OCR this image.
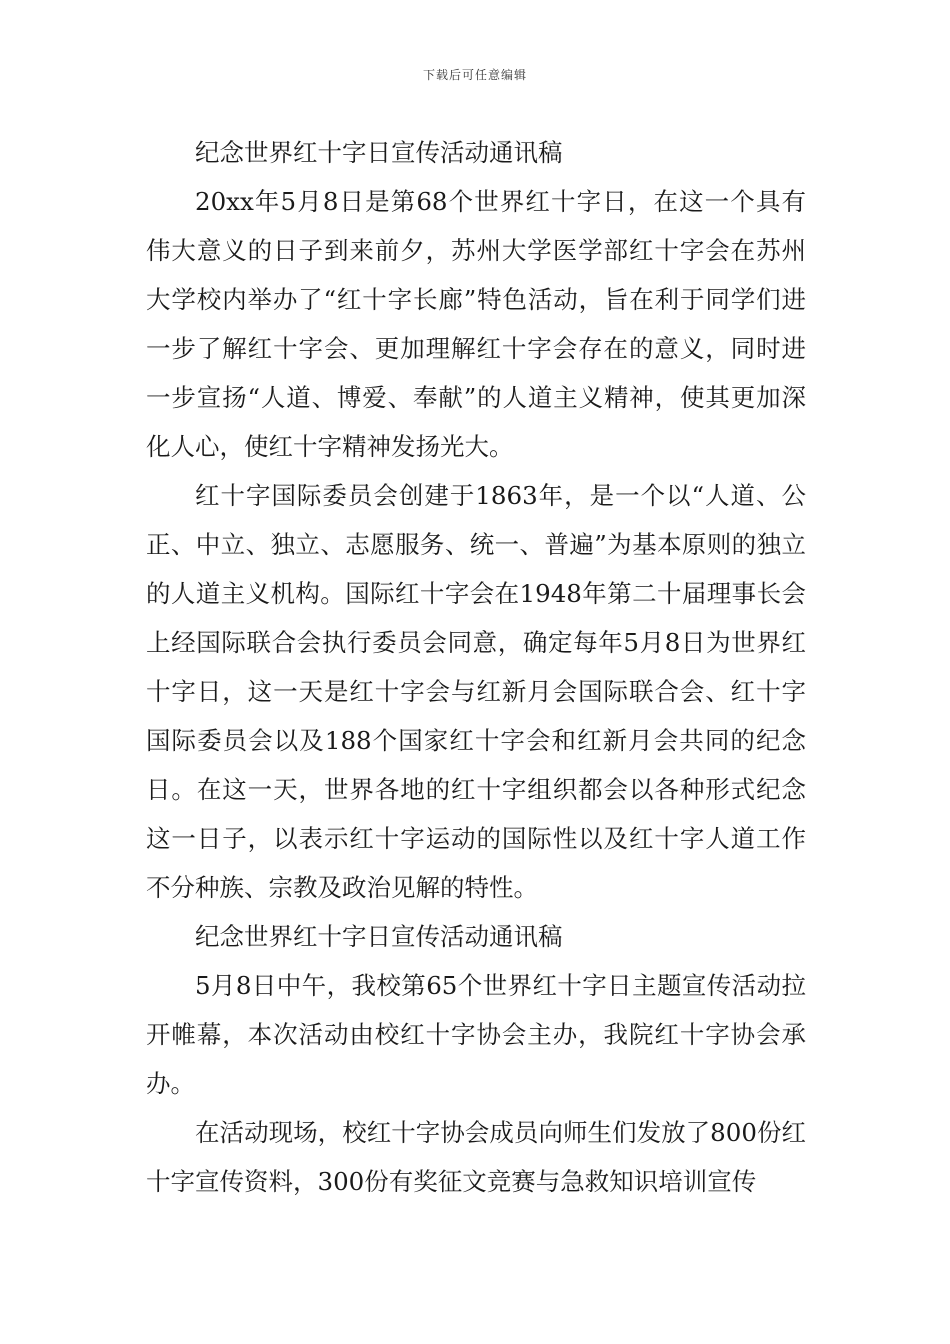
下载后可任意编辑

纪念世界红十字日宣传活动通讯稿

20xx年5月8日是第68个世界红十字日，在这一个具有伟大意义的日子到来前夕，苏州大学医学部红十字会在苏州大学校内举办了“红十字长廊”特色活动，旨在利于同学们进一步了解红十字会、更加理解红十字会存在的意义，同时进一步宣扬“人道、博爱、奉献”的人道主义精神，使其更加深化人心，使红十字精神发扬光大。

红十字国际委员会创建于1863年，是一个以“人道、公正、中立、独立、志愿服务、统一、普遍”为基本原则的独立的人道主义机构。国际红十字会在1948年第二十届理事长会上经国际联合会执行委员会同意，确定每年5月8日为世界红十字日，这一天是红十字会与红新月会国际联合会、红十字国际委员会以及188个国家红十字会和红新月会共同的纪念日。在这一天，世界各地的红十字组织都会以各种形式纪念这一日子，以表示红十字运动的国际性以及红十字人道工作不分种族、宗教及政治见解的特性。

纪念世界红十字日宣传活动通讯稿

5月8日中午，我校第65个世界红十字日主题宣传活动拉开帷幕，本次活动由校红十字协会主办，我院红十字协会承办。

在活动现场，校红十字协会成员向师生们发放了800份红十字宣传资料，300份有奖征文竞赛与急救知识培训宣传
